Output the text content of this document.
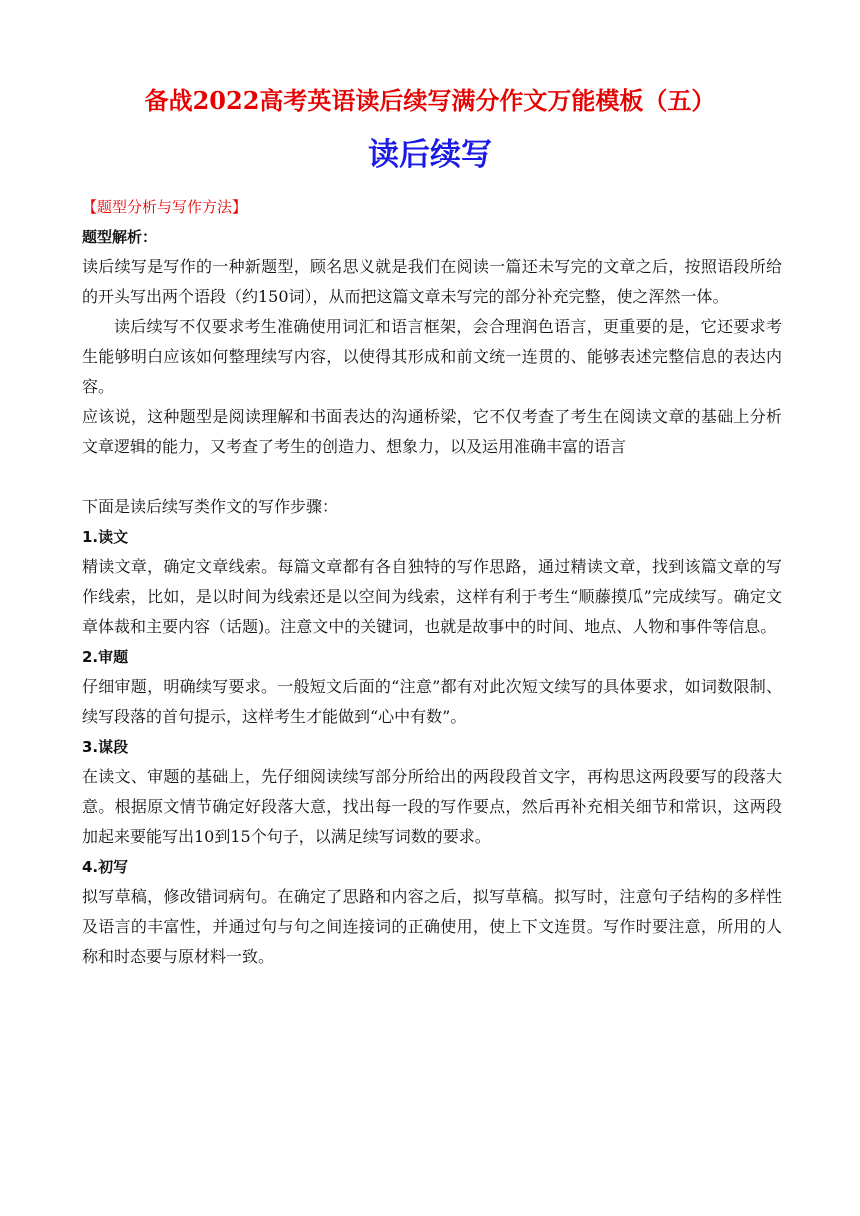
备战2022高考英语读后续写满分作文万能模板（五）
读后续写

【题型分析与写作方法】

题型解析：

读后续写是写作的一种新题型，顾名思义就是我们在阅读一篇还未写完的文章之后，按照语段所给的开头写出两个语段（约150词），从而把这篇文章未写完的部分补充完整，使之浑然一体。

读后续写不仅要求考生准确使用词汇和语言框架，会合理润色语言，更重要的是，它还要求考生能够明白应该如何整理续写内容，以使得其形成和前文统一连贯的、能够表述完整信息的表达内容。

应该说，这种题型是阅读理解和书面表达的沟通桥梁，它不仅考查了考生在阅读文章的基础上分析文章逻辑的能力，又考查了考生的创造力、想象力，以及运用准确丰富的语言

下面是读后续写类作文的写作步骤：

1.读文

精读文章，确定文章线索。每篇文章都有各自独特的写作思路，通过精读文章，找到该篇文章的写作线索，比如，是以时间为线索还是以空间为线索，这样有利于考生“顺藤摸瓜”完成续写。确定文章体裁和主要内容（话题)。注意文中的关键词，也就是故事中的时间、地点、人物和事件等信息。

2.审题

仔细审题，明确续写要求。一般短文后面的“注意”都有对此次短文续写的具体要求，如词数限制、续写段落的首句提示，这样考生才能做到“心中有数”。

3.谋段

在读文、审题的基础上，先仔细阅读续写部分所给出的两段段首文字，再构思这两段要写的段落大意。根据原文情节确定好段落大意，找出每一段的写作要点，然后再补充相关细节和常识，这两段加起来要能写出10到15个句子，以满足续写词数的要求。

4.初写

拟写草稿，修改错词病句。在确定了思路和内容之后，拟写草稿。拟写时，注意句子结构的多样性及语言的丰富性，并通过句与句之间连接词的正确使用，使上下文连贯。写作时要注意，所用的人称和时态要与原材料一致。
